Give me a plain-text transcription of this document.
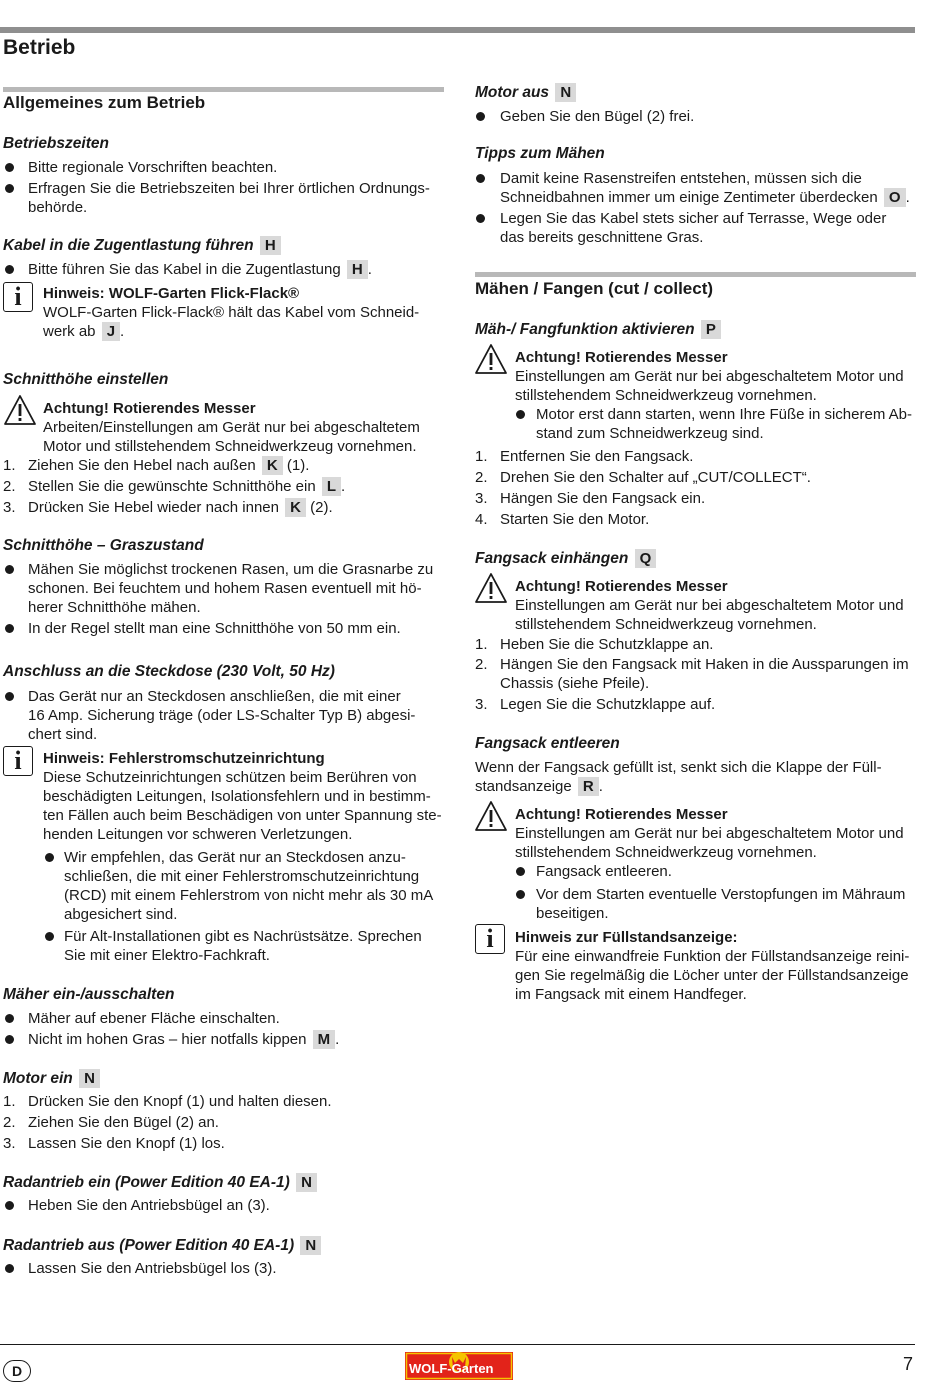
Betrieb
Allgemeines zum Betrieb
Betriebszeiten
Bitte regionale Vorschriften beachten.
Erfragen Sie die Betriebszeiten bei Ihrer örtlichen Ordnungs-
behörde.
Kabel in die Zugentlastung führen H
Bitte führen Sie das Kabel in die Zugentlastung H .
i	Hinweis: WOLF-Garten Flick-Flack®
WOLF-Garten Flick-Flack® hält das Kabel vom Schneid-
werk ab J .
Schnitthöhe einstellen
Achtung! Rotierendes Messer
Arbeiten/Einstellungen am Gerät nur bei abgeschaltetem
Motor und stillstehendem Schneidwerkzeug vornehmen.
1. Ziehen Sie den Hebel nach außen K (1).
2. Stellen Sie die gewünschte Schnitthöhe ein L .
3. Drücken Sie Hebel wieder nach innen K (2).
Schnitthöhe – Graszustand
Mähen Sie möglichst trockenen Rasen, um die Grasnarbe zu
schonen. Bei feuchtem und hohem Rasen eventuell mit hö-
herer Schnitthöhe mähen.
In der Regel stellt man eine Schnitthöhe von 50 mm ein.
Anschluss an die Steckdose (230 Volt, 50 Hz)
Das Gerät nur an Steckdosen anschließen, die mit einer
16 Amp. Sicherung träge (oder LS-Schalter Typ B) abgesi-
chert sind.
i	Hinweis: Fehlerstromschutzeinrichtung
Diese Schutzeinrichtungen schützen beim Berühren von
beschädigten Leitungen, Isolationsfehlern und in bestimm-
ten Fällen auch beim Beschädigen von unter Spannung ste-
henden Leitungen vor schweren Verletzungen.
Wir empfehlen, das Gerät nur an Steckdosen anzu-
schließen, die mit einer Fehlerstromschutzeinrichtung
(RCD) mit einem Fehlerstrom von nicht mehr als 30 mA
abgesichert sind.
Für Alt-Installationen gibt es Nachrüstsätze. Sprechen
Sie mit einer Elektro-Fachkraft.
Mäher ein-/ausschalten
Mäher auf ebener Fläche einschalten.
Nicht im hohen Gras – hier notfalls kippen M .
Motor ein N
1. Drücken Sie den Knopf (1) und halten diesen.
2. Ziehen Sie den Bügel (2) an.
3. Lassen Sie den Knopf (1) los.
Radantrieb ein (Power Edition 40 EA-1) N
Heben Sie den Antriebsbügel an (3).
Radantrieb aus (Power Edition 40 EA-1) N
Lassen Sie den Antriebsbügel los (3).
Motor aus N
Geben Sie den Bügel (2) frei.
Tipps zum Mähen
Damit keine Rasenstreifen entstehen, müssen sich die
Schneidbahnen immer um einige Zentimeter überdecken O .
Legen Sie das Kabel stets sicher auf Terrasse, Wege oder
das bereits geschnittene Gras.
Mähen / Fangen (cut / collect)
Mäh-/ Fangfunktion aktivieren P
Achtung! Rotierendes Messer
Einstellungen am Gerät nur bei abgeschaltetem Motor und
stillstehendem Schneidwerkzeug vornehmen.
Motor erst dann starten, wenn Ihre Füße in sicherem Ab-
stand zum Schneidwerkzeug sind.
1. Entfernen Sie den Fangsack.
2. Drehen Sie den Schalter auf „CUT/COLLECT“.
3. Hängen Sie den Fangsack ein.
4. Starten Sie den Motor.
Fangsack einhängen Q
Achtung! Rotierendes Messer
Einstellungen am Gerät nur bei abgeschaltetem Motor und
stillstehendem Schneidwerkzeug vornehmen.
1. Heben Sie die Schutzklappe an.
2. Hängen Sie den Fangsack mit Haken in die Aussparungen im
Chassis (siehe Pfeile).
3. Legen Sie die Schutzklappe auf.
Fangsack entleeren
Wenn der Fangsack gefüllt ist, senkt sich die Klappe der Füll-
standsanzeige R .
Achtung! Rotierendes Messer
Einstellungen am Gerät nur bei abgeschaltetem Motor und
stillstehendem Schneidwerkzeug vornehmen.
Fangsack entleeren.
Vor dem Starten eventuelle Verstopfungen im Mähraum
beseitigen.
i	Hinweis zur Füllstandsanzeige:
Für eine einwandfreie Funktion der Füllstandsanzeige reini-
gen Sie regelmäßig die Löcher unter der Füllstandsanzeige
im Fangsack mit einem Handfeger.
D	WOLF-Garten	7
